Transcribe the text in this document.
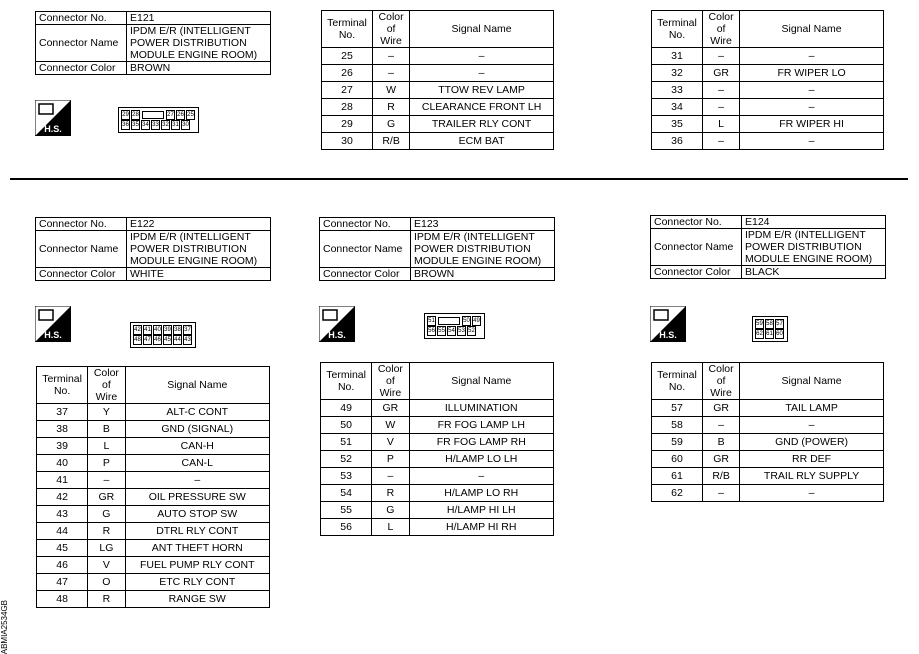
Connector No.	E121
Connector Name	IPDM E/R (INTELLIGENT POWER DISTRIBUTION MODULE ENGINE ROOM)
Connector Color	BROWN
Connector No.	E122
Connector Name	IPDM E/R (INTELLIGENT POWER DISTRIBUTION MODULE ENGINE ROOM)
Connector Color	WHITE
Connector No.	E123
Connector Name	IPDM E/R (INTELLIGENT POWER DISTRIBUTION MODULE ENGINE ROOM)
Connector Color	BROWN
Connector No.	E124
Connector Name	IPDM E/R (INTELLIGENT POWER DISTRIBUTION MODULE ENGINE ROOM)
Connector Color	BLACK
H.S.
H.S.	H.S.	H.S.
29 28	27 26 25
36 35 34 33 32 31 30
42 41 40 39 38 37
48 47 46 45 44 43
51	50 49
56 55 54 53 52
59 58 57
62 61 60
Terminal No.	Color of Wire	Signal Name
25	–	–
26	–	–
27	W	TTOW REV LAMP
28	R	CLEARANCE FRONT LH
29	G	TRAILER RLY CONT
30	R/B	ECM BAT
Terminal No.	Color of Wire	Signal Name
31	–	–
32	GR	FR WIPER LO
33	–	–
34	–	–
35	L	FR WIPER HI
36	–	–
Terminal No.	Color of Wire	Signal Name
37	Y	ALT-C CONT
38	B	GND (SIGNAL)
39	L	CAN-H
40	P	CAN-L
41	–	–
42	GR	OIL PRESSURE SW
43	G	AUTO STOP SW
44	R	DTRL RLY CONT
45	LG	ANT THEFT HORN
46	V	FUEL PUMP RLY CONT
47	O	ETC RLY CONT
48	R	RANGE SW
Terminal No.	Color of Wire	Signal Name
49	GR	ILLUMINATION
50	W	FR FOG LAMP LH
51	V	FR FOG LAMP RH
52	P	H/LAMP LO LH
53	–	–
54	R	H/LAMP LO RH
55	G	H/LAMP HI LH
56	L	H/LAMP HI RH
Terminal No.	Color of Wire	Signal Name
57	GR	TAIL LAMP
58	–	–
59	B	GND (POWER)
60	GR	RR DEF
61	R/B	TRAIL RLY SUPPLY
62	–	–
ABMIA2534GB
